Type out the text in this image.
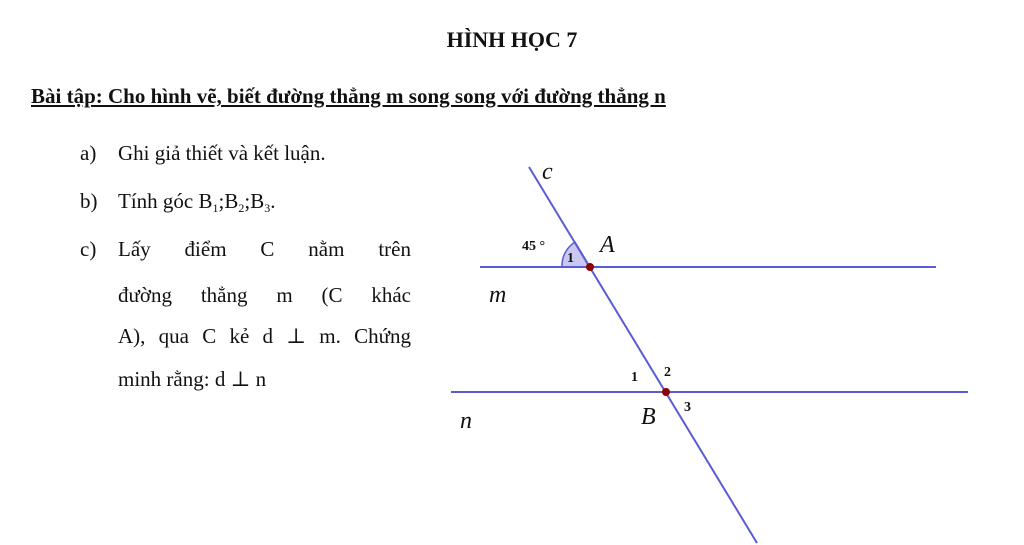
HÌNH HỌC 7
Bài tập: Cho hình vẽ, biết đường thẳng m song song với đường thẳng n
a) Ghi giả thiết và kết luận.
b) Tính góc $B_1;B_2;B_3$.
c)	Lấy điểm C nằm trên
đường thẳng m (C khác
A), qua C kẻ d ⊥ m. Chứng
minh rằng: d ⊥ n
c
m
n
A
B
45 °
1
1 2
3
